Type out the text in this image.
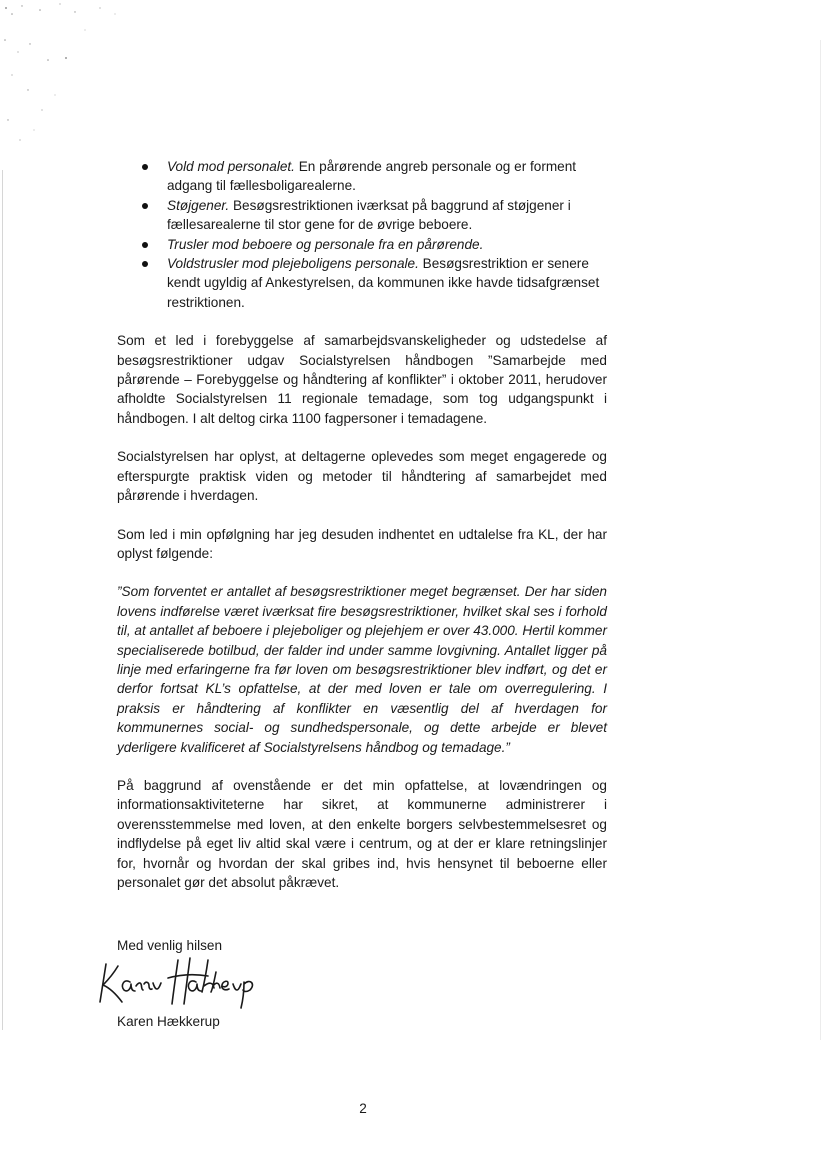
Vold mod personalet. En pårørende angreb personale og er forment adgang til fællesboligarealerne.
Støjgener. Besøgsrestriktionen iværksat på baggrund af støjgener i fællesarealerne til stor gene for de øvrige beboere.
Trusler mod beboere og personale fra en pårørende.
Voldstrusler mod plejeboligens personale. Besøgsrestriktion er senere kendt ugyldig af Ankestyrelsen, da kommunen ikke havde tidsafgrænset restriktionen.

Som et led i forebyggelse af samarbejdsvanskeligheder og udstedelse af besøgsrestriktioner udgav Socialstyrelsen håndbogen ”Samarbejde med pårørende – Forebyggelse og håndtering af konflikter” i oktober 2011, herudover afholdte Socialstyrelsen 11 regionale temadage, som tog udgangspunkt i håndbogen. I alt deltog cirka 1100 fagpersoner i temadagene.

Socialstyrelsen har oplyst, at deltagerne oplevedes som meget engagerede og efterspurgte praktisk viden og metoder til håndtering af samarbejdet med pårørende i hverdagen.

Som led i min opfølgning har jeg desuden indhentet en udtalelse fra KL, der har oplyst følgende:

”Som forventet er antallet af besøgsrestriktioner meget begrænset. Der har siden lovens indførelse været iværksat fire besøgsrestriktioner, hvilket skal ses i forhold til, at antallet af beboere i plejeboliger og plejehjem er over 43.000. Hertil kommer specialiserede botilbud, der falder ind under samme lovgivning. Antallet ligger på linje med erfaringerne fra før loven om besøgsrestriktioner blev indført, og det er derfor fortsat KL’s opfattelse, at der med loven er tale om overregulering. I praksis er håndtering af konflikter en væsentlig del af hverdagen for kommunernes social- og sundhedspersonale, og dette arbejde er blevet yderligere kvalificeret af Socialstyrelsens håndbog og temadage.”

På baggrund af ovenstående er det min opfattelse, at lovændringen og informationsaktiviteterne har sikret, at kommunerne administrerer i overensstemmelse med loven, at den enkelte borgers selvbestemmelsesret og indflydelse på eget liv altid skal være i centrum, og at der er klare retningslinjer for, hvornår og hvordan der skal gribes ind, hvis hensynet til beboerne eller personalet gør det absolut påkrævet.

Med venlig hilsen
Karen Hækkerup
2
